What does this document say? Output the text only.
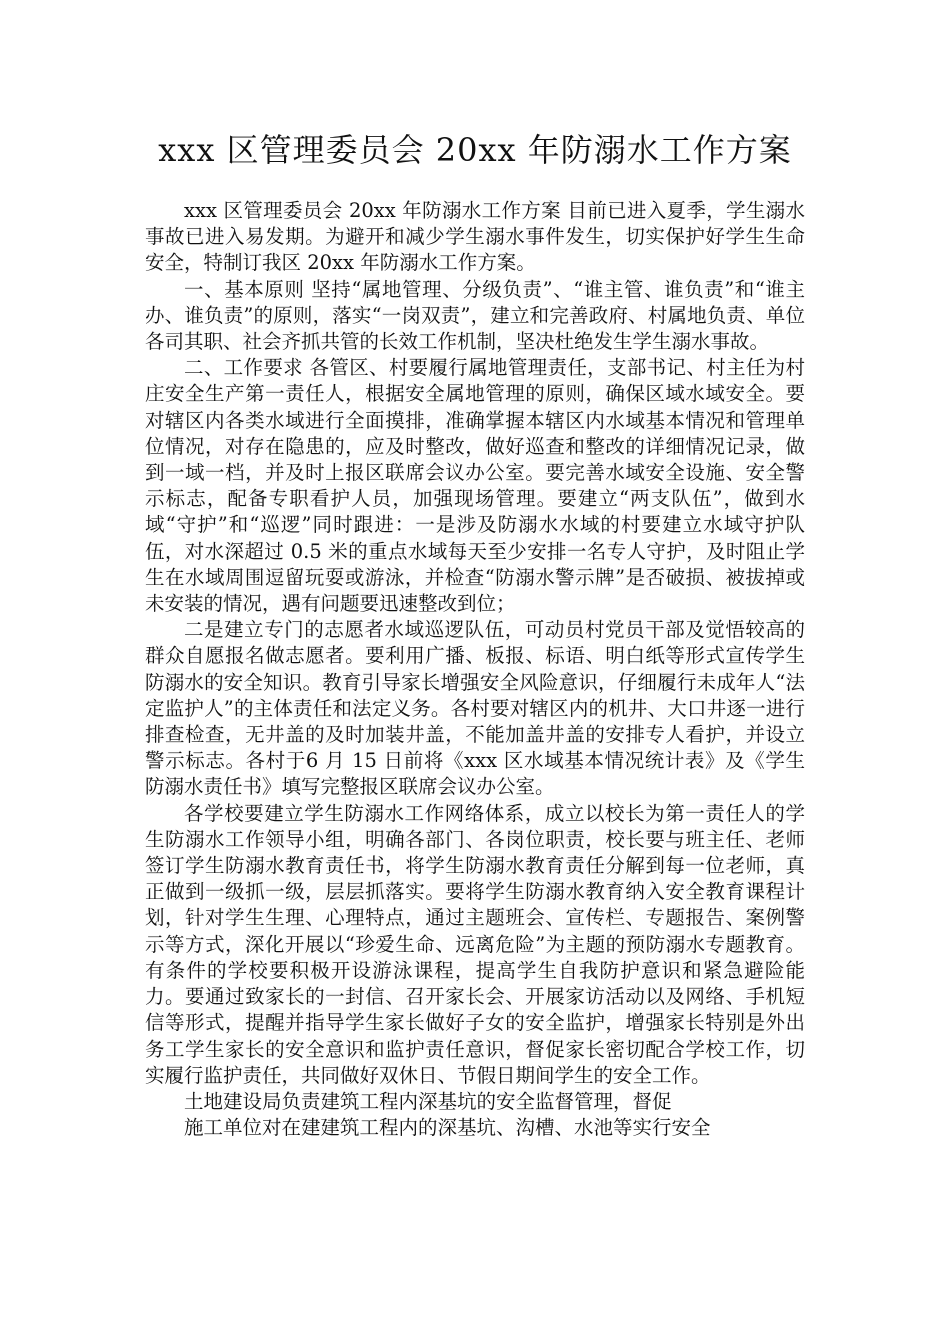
xxx 区管理委员会 20xx 年防溺水工作方案

xxx 区管理委员会 20xx 年防溺水工作方案 目前已进入夏季，学生溺水事故已进入易发期。为避开和减少学生溺水事件发生，切实保护好学生生命安全，特制订我区 20xx 年防溺水工作方案。

一、基本原则 坚持“属地管理、分级负责”、“谁主管、谁负责”和“谁主办、谁负责”的原则，落实“一岗双责”，建立和完善政府、村属地负责、单位各司其职、社会齐抓共管的长效工作机制，坚决杜绝发生学生溺水事故。

二、工作要求 各管区、村要履行属地管理责任，支部书记、村主任为村庄安全生产第一责任人，根据安全属地管理的原则，确保区域水域安全。要对辖区内各类水域进行全面摸排，准确掌握本辖区内水域基本情况和管理单位情况，对存在隐患的，应及时整改，做好巡查和整改的详细情况记录，做到一域一档，并及时上报区联席会议办公室。要完善水域安全设施、安全警示标志，配备专职看护人员，加强现场管理。要建立“两支队伍”，做到水域“守护”和“巡逻”同时跟进：一是涉及防溺水水域的村要建立水域守护队伍，对水深超过 0.5 米的重点水域每天至少安排一名专人守护，及时阻止学生在水域周围逗留玩耍或游泳，并检查“防溺水警示牌”是否破损、被拔掉或未安装的情况，遇有问题要迅速整改到位；

二是建立专门的志愿者水域巡逻队伍，可动员村党员干部及觉悟较高的群众自愿报名做志愿者。要利用广播、板报、标语、明白纸等形式宣传学生防溺水的安全知识。教育引导家长增强安全风险意识，仔细履行未成年人“法定监护人”的主体责任和法定义务。各村要对辖区内的机井、大口井逐一进行排查检查，无井盖的及时加装井盖，不能加盖井盖的安排专人看护，并设立警示标志。各村于6 月 15 日前将《xxx 区水域基本情况统计表》及《学生防溺水责任书》填写完整报区联席会议办公室。

各学校要建立学生防溺水工作网络体系，成立以校长为第一责任人的学生防溺水工作领导小组，明确各部门、各岗位职责，校长要与班主任、老师签订学生防溺水教育责任书，将学生防溺水教育责任分解到每一位老师，真正做到一级抓一级，层层抓落实。要将学生防溺水教育纳入安全教育课程计划，针对学生生理、心理特点，通过主题班会、宣传栏、专题报告、案例警示等方式，深化开展以“珍爱生命、远离危险”为主题的预防溺水专题教育。有条件的学校要积极开设游泳课程，提高学生自我防护意识和紧急避险能力。要通过致家长的一封信、召开家长会、开展家访活动以及网络、手机短信等形式，提醒并指导学生家长做好子女的安全监护，增强家长特别是外出务工学生家长的安全意识和监护责任意识，督促家长密切配合学校工作，切实履行监护责任，共同做好双休日、节假日期间学生的安全工作。

土地建设局负责建筑工程内深基坑的安全监督管理，督促

施工单位对在建建筑工程内的深基坑、沟槽、水池等实行安全
